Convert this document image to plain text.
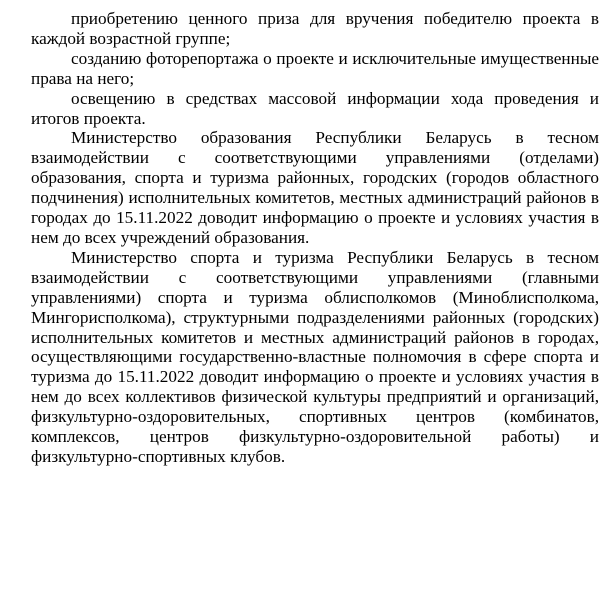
приобретению ценного приза для вручения победителю проекта в каждой возрастной группе;

созданию фоторепортажа о проекте и исключительные имущественные права на него;

освещению в средствах массовой информации хода проведения и итогов проекта.

Министерство образования Республики Беларусь в тесном взаимодействии с соответствующими управлениями (отделами) образования, спорта и туризма районных, городских (городов областного подчинения) исполнительных комитетов, местных администраций районов в городах до 15.11.2022 доводит информацию о проекте и условиях участия в нем до всех учреждений образования.

Министерство спорта и туризма Республики Беларусь в тесном взаимодействии с соответствующими управлениями (главными управлениями) спорта и туризма облисполкомов (Миноблисполкома, Мингорисполкома), структурными подразделениями районных (городских) исполнительных комитетов и местных администраций районов в городах, осуществляющими государственно-властные полномочия в сфере спорта и туризма до 15.11.2022 доводит информацию о проекте и условиях участия в нем до всех коллективов физической культуры предприятий и организаций, физкультурно-оздоровительных, спортивных центров (комбинатов, комплексов, центров физкультурно-оздоровительной работы) и физкультурно-спортивных клубов.
